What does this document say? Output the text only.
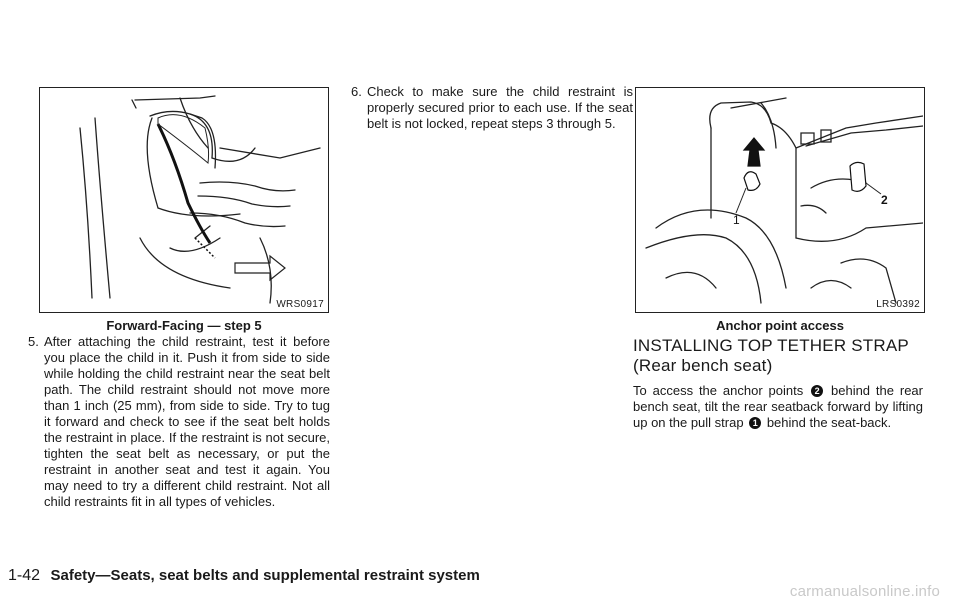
WRS0917
Forward-Facing — step 5
5. After attaching the child restraint, test it before you place the child in it. Push it from side to side while holding the child restraint near the seat belt path. The child restraint should not move more than 1 inch (25 mm), from side to side. Try to tug it forward and check to see if the seat belt holds the restraint in place. If the restraint is not secure, tighten the seat belt as necessary, or put the restraint in another seat and test it again. You may need to try a different child restraint. Not all child restraints fit in all types of vehicles.
6. Check to make sure the child restraint is properly secured prior to each use. If the seat belt is not locked, repeat steps 3 through 5.
1
2
LRS0392
Anchor point access
INSTALLING TOP TETHER STRAP
(Rear bench seat)

To access the anchor points 2 behind the rear bench seat, tilt the rear seatback forward by lifting up on the pull strap 1 behind the seat-back.

1-42 Safety—Seats, seat belts and supplemental restraint system
carmanualsonline.info
